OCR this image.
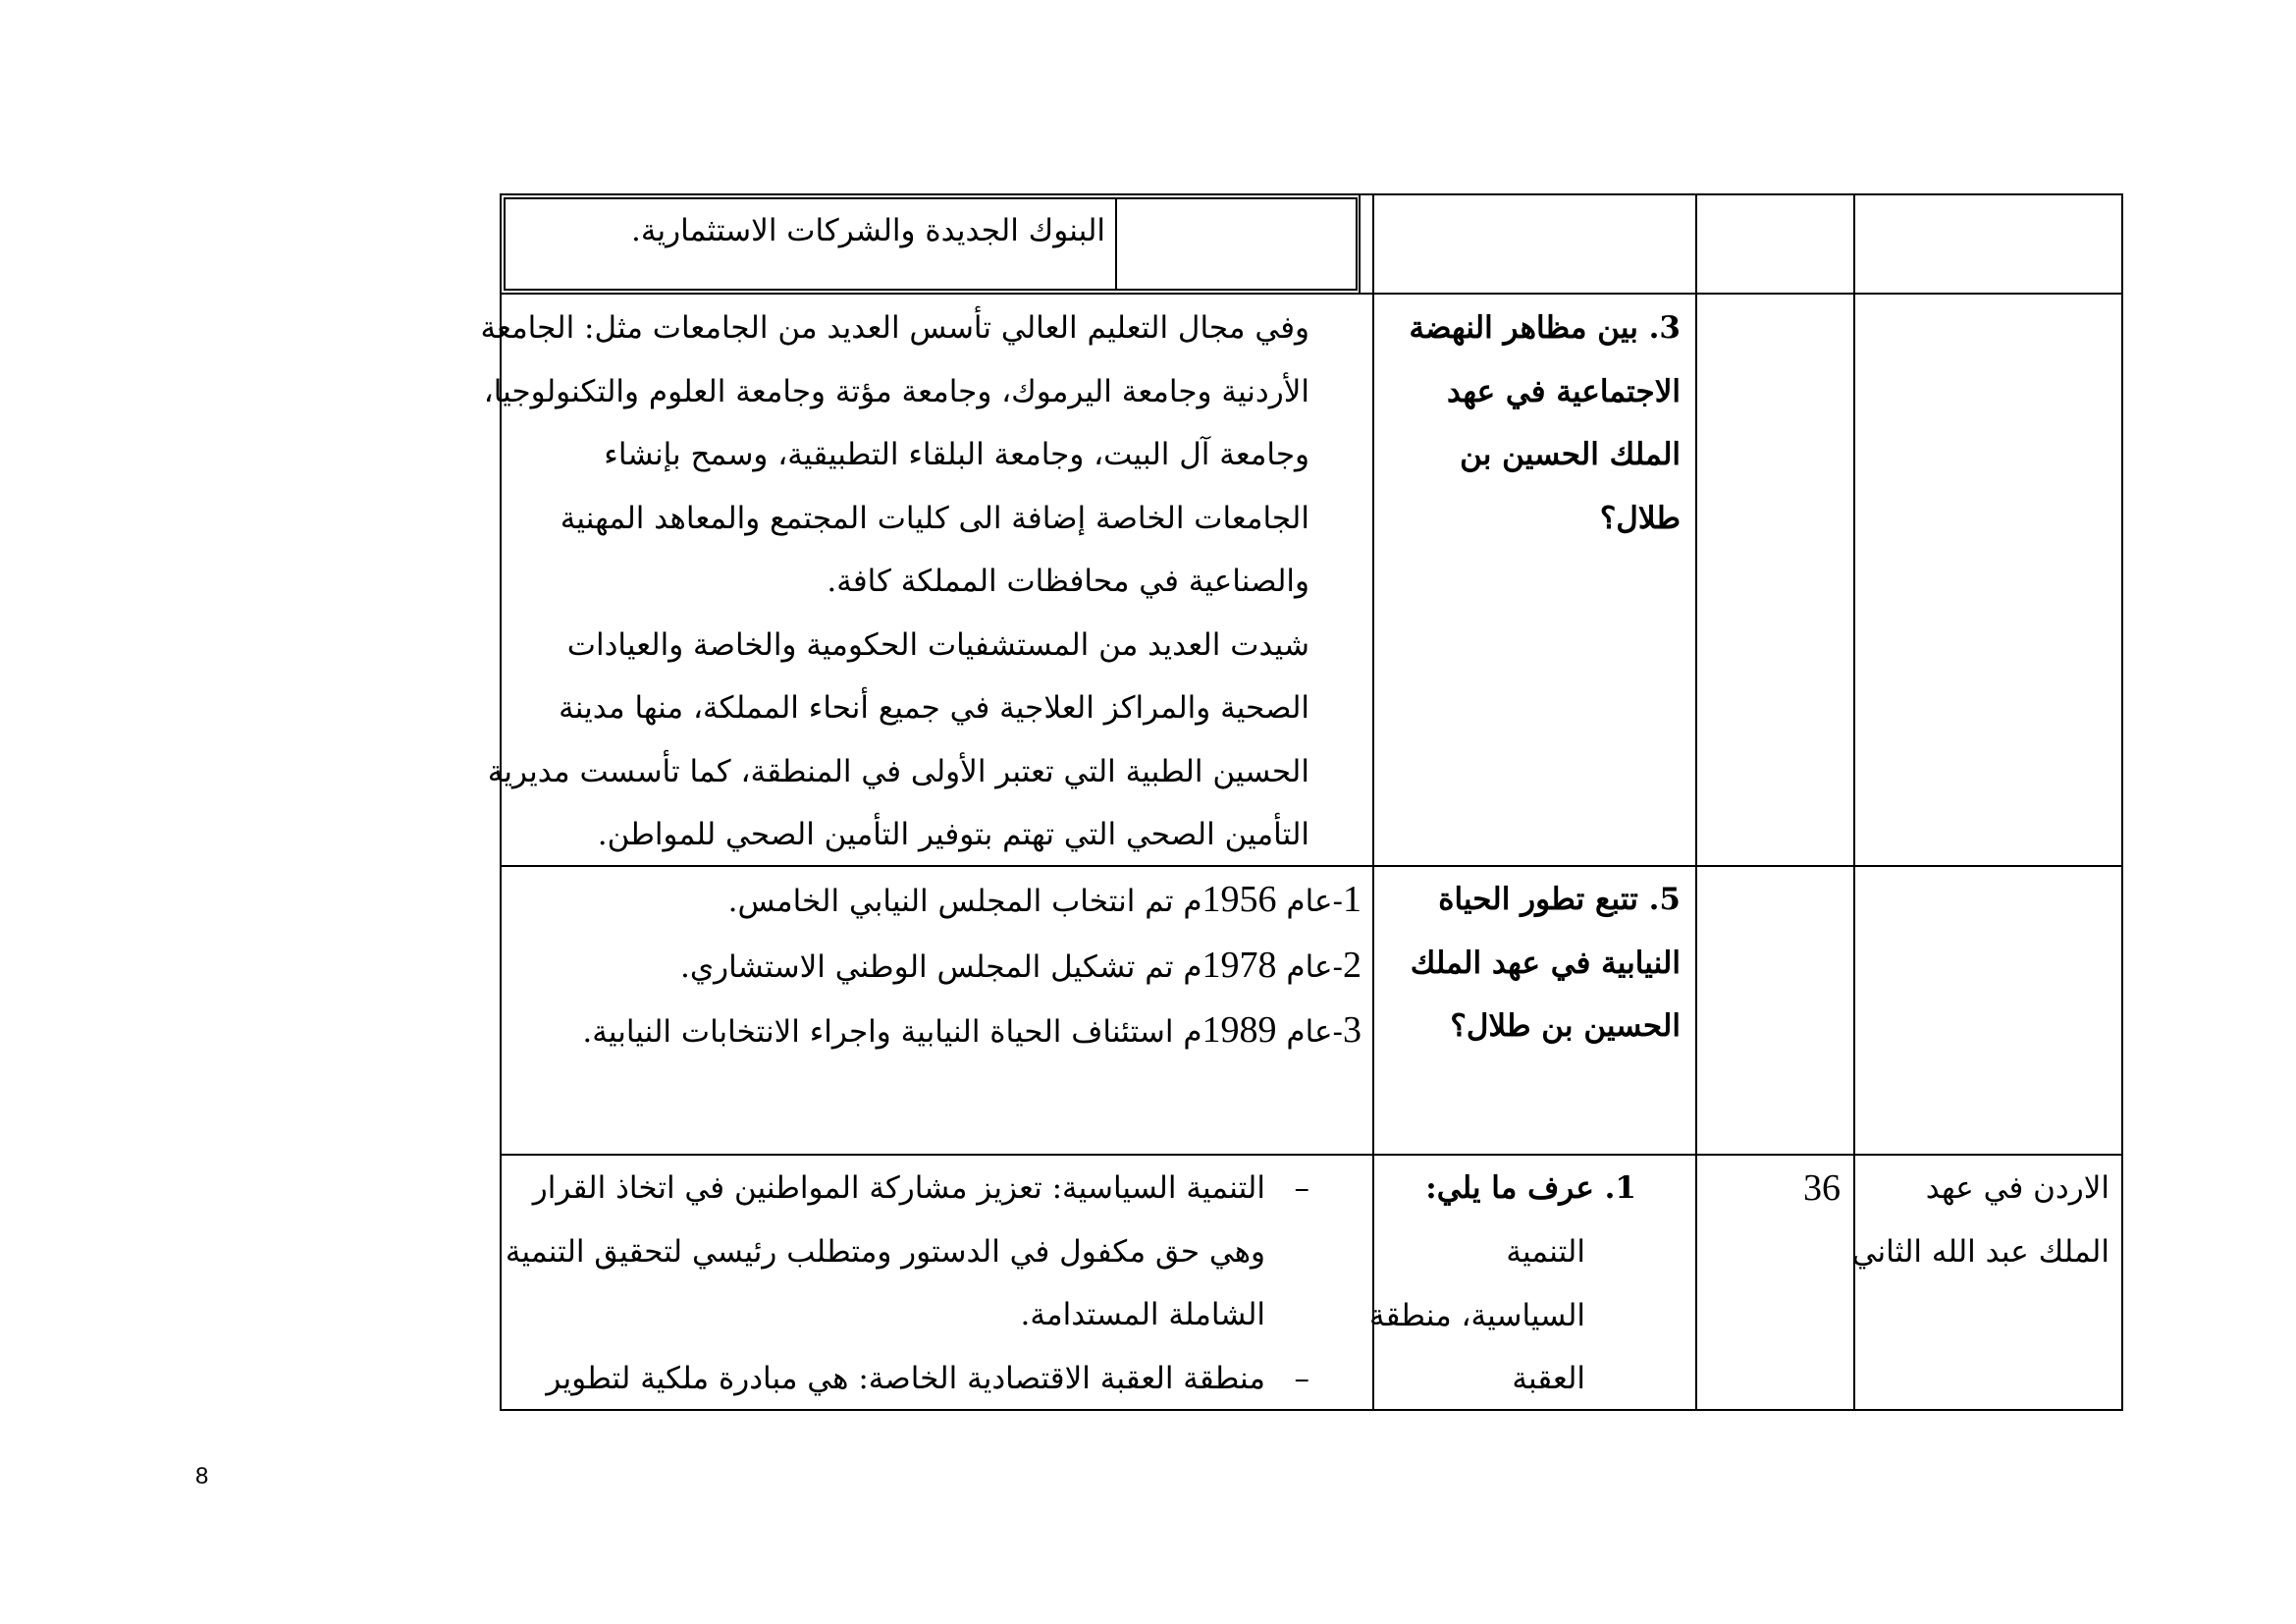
البنوك الجديدة والشركات الاستثمارية.
3. بين مظاهر النهضة
الاجتماعية في عهد
الملك الحسين بن
طلال؟
وفي مجال التعليم العالي تأسس العديد من الجامعات مثل: الجامعة
الأردنية وجامعة اليرموك، وجامعة مؤتة وجامعة العلوم والتكنولوجيا،
وجامعة آل البيت، وجامعة البلقاء التطبيقية، وسمح بإنشاء
الجامعات الخاصة إضافة الى كليات المجتمع والمعاهد المهنية
والصناعية في محافظات المملكة كافة.
شيدت العديد من المستشفيات الحكومية والخاصة والعيادات
الصحية والمراكز العلاجية في جميع أنحاء المملكة، منها مدينة
الحسين الطبية التي تعتبر الأولى في المنطقة، كما تأسست مديرية
التأمين الصحي التي تهتم بتوفير التأمين الصحي للمواطن.
5. تتبع تطور الحياة
النيابية في عهد الملك
الحسين بن طلال؟
1-عام 1956م تم انتخاب المجلس النيابي الخامس.
2-عام 1978م تم تشكيل المجلس الوطني الاستشاري.
3-عام 1989م استئناف الحياة النيابية واجراء الانتخابات النيابية.
الاردن في عهد
الملك عبد الله الثاني
36
1. عرف ما يلي:
التنمية
السياسية، منطقة
العقبة
–
التنمية السياسية: تعزيز مشاركة المواطنين في اتخاذ القرار
وهي حق مكفول في الدستور ومتطلب رئيسي لتحقيق التنمية
الشاملة المستدامة.
–
منطقة العقبة الاقتصادية الخاصة: هي مبادرة ملكية لتطوير
8
